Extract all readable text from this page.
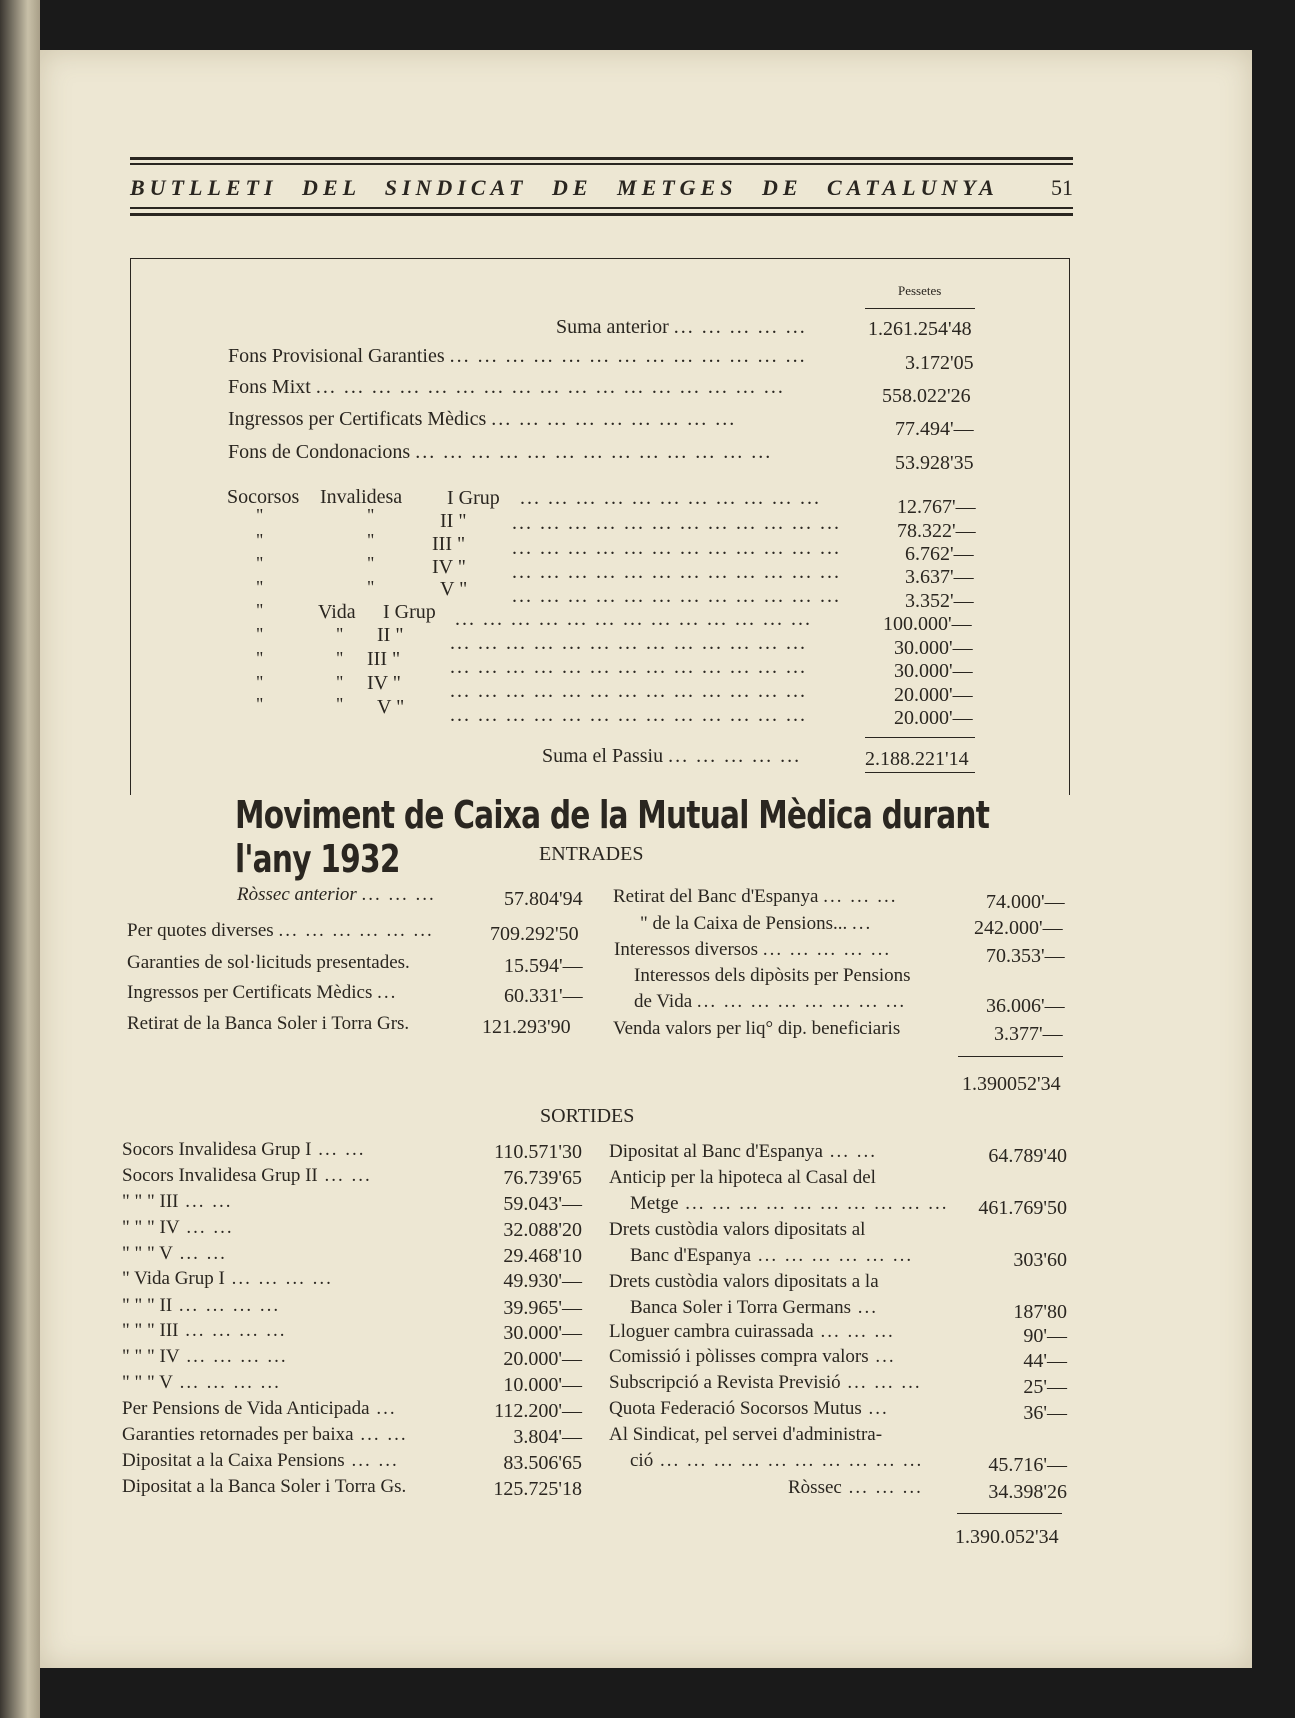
BUTLLETI DEL SINDICAT DE METGES DE CATALUNYA 51
Pessetes
Suma anterior ... ... ... ... ...	1.261.254'48
Fons Provisional Garanties ... ... ... ... ... ... ... ... ... ... ... ... ...	3.172'05
Fons Mixt ... ... ... ... ... ... ... ... ... ... ... ... ... ... ... ... ...	558.022'26
Ingressos per Certificats Mèdics ... ... ... ... ... ... ... ... ...	77.494'—
Fons de Condonacions ... ... ... ... ... ... ... ... ... ... ... ... ...	53.928'35
Socorsos Invalidesa I Grup ... ... ... ... ... ... ... ... ... ... ...	12.767'—
"	"	II " ... ... ... ... ... ... ... ... ... ... ... ...	78.322'—
"	"	III " ... ... ... ... ... ... ... ... ... ... ... ...	6.762'—
"	"	IV " ... ... ... ... ... ... ... ... ... ... ... ...	3.637'—
"	"	V " ... ... ... ... ... ... ... ... ... ... ... ...	3.352'—
"	Vida I Grup ... ... ... ... ... ... ... ... ... ... ... ... ...	100.000'—
"	" II " ... ... ... ... ... ... ... ... ... ... ... ... ...	30.000'—
"	" III " ... ... ... ... ... ... ... ... ... ... ... ... ...	30.000'—
"	" IV " ... ... ... ... ... ... ... ... ... ... ... ... ...	20.000'—
"	" V " ... ... ... ... ... ... ... ... ... ... ... ... ...	20.000'—
Suma el Passiu ... ... ... ... ...	2.188.221'14
Moviment de Caixa de la Mutual Mèdica durant l'any 1932	ENTRADES
Ròssec anterior ... ... ...	57.804'94
Per quotes diverses ... ... ... ... ... ...	709.292'50
Garanties de sol·licituds presentades.	15.594'—
Ingressos per Certificats Mèdics ...	60.331'—
Retirat de la Banca Soler i Torra Grs.	121.293'90
Retirat del Banc d'Espanya ... ... ...	74.000'—
" de la Caixa de Pensions... ...	242.000'—
Interessos diversos ... ... ... ... ...	70.353'—
Interessos dels dipòsits per Pensions
de Vida ... ... ... ... ... ... ... ...	36.006'—
Venda valors per liq° dip. beneficiaris	3.377'—
1.390052'34
SORTIDES
Socors Invalidesa Grup I ... ...	110.571'30
Socors Invalidesa Grup II ... ...	76.739'65
" " " III ... ...	59.043'—
" " " IV ... ...	32.088'20
" " " V ... ...	29.468'10
" Vida Grup I ... ... ... ...	49.930'—
" " " II ... ... ... ...	39.965'—
" " " III ... ... ... ...	30.000'—
" " " IV ... ... ... ...	20.000'—
" " " V ... ... ... ...	10.000'—
Per Pensions de Vida Anticipada ...	112.200'—
Garanties retornades per baixa ... ...	3.804'—
Dipositat a la Caixa Pensions ... ...	83.506'65
Dipositat a la Banca Soler i Torra Gs.	125.725'18
Dipositat al Banc d'Espanya ... ...	64.789'40
Anticip per la hipoteca al Casal del
Metge ... ... ... ... ... ... ... ... ... ... 461.769'50
Drets custòdia valors dipositats al
Banc d'Espanya ... ... ... ... ... ...	303'60
Drets custòdia valors dipositats a la
Banca Soler i Torra Germans ...	187'80
Lloguer cambra cuirassada ... ... ...	90'—
Comissió i pòlisses compra valors ...	44'—
Subscripció a Revista Previsió ... ... ...	25'—
Quota Federació Socorsos Mutus ...	36'—
Al Sindicat, pel servei d'administra-
ció ... ... ... ... ... ... ... ... ... ...	45.716'—
Ròssec ... ... ...	34.398'26
1.390.052'34
